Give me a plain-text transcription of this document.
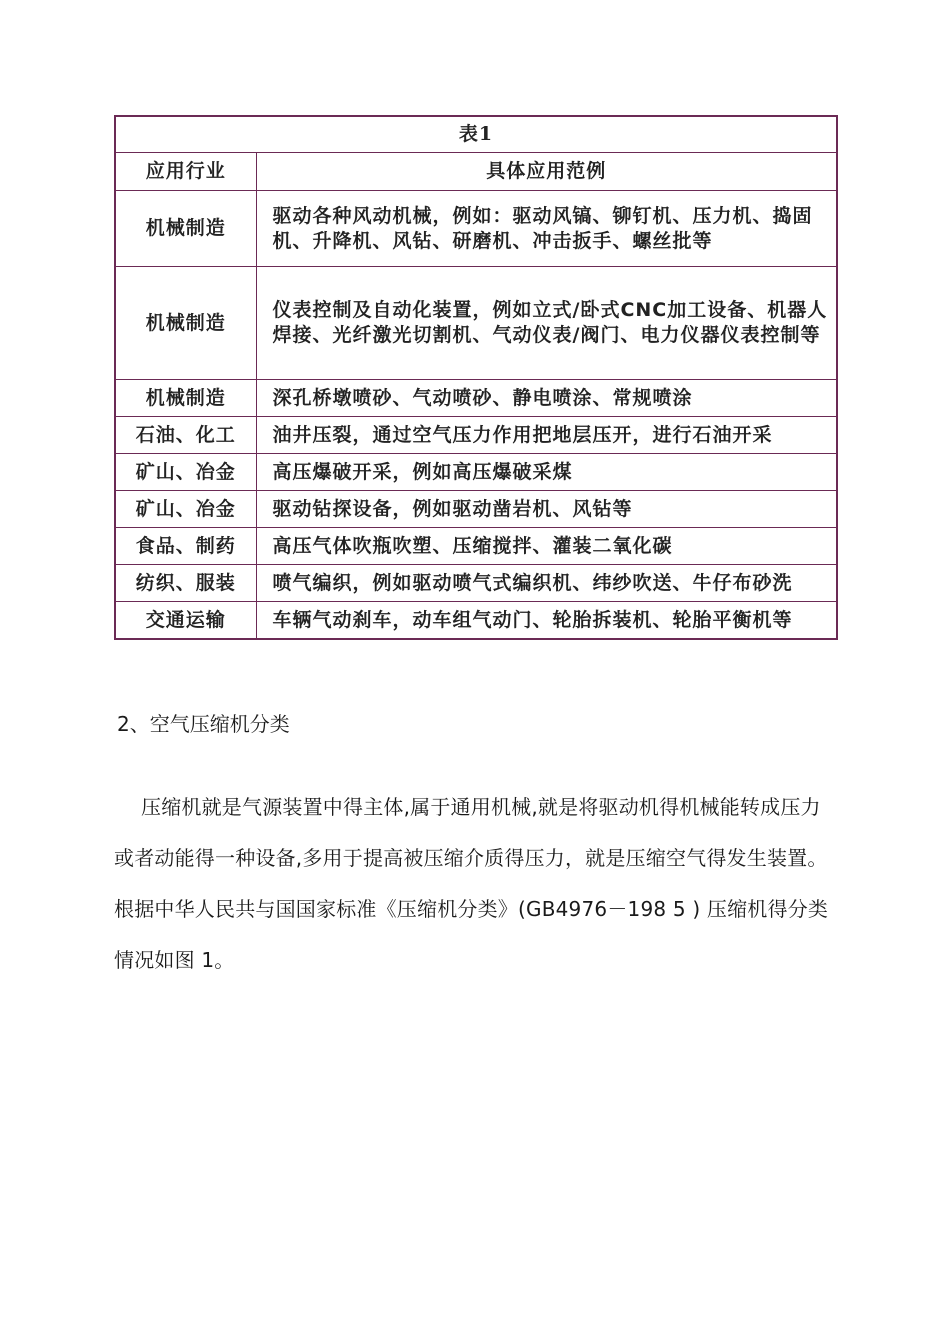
表1	
应用行业	具体应用范例
机械制造	驱动各种风动机械，例如：驱动风镐、铆钉机、压力机、捣固机、升降机、风钻、研磨机、冲击扳手、螺丝批等
机械制造	仪表控制及自动化装置，例如立式/卧式CNC加工设备、机器人焊接、光纤激光切割机、气动仪表/阀门、电力仪器仪表控制等
机械制造	深孔桥墩喷砂、气动喷砂、静电喷涂、常规喷涂
石油、化工	油井压裂，通过空气压力作用把地层压开，进行石油开采
矿山、冶金	高压爆破开采，例如高压爆破采煤
矿山、冶金	驱动钻探设备，例如驱动凿岩机、风钻等
食品、制药	高压气体吹瓶吹塑、压缩搅拌、灌装二氧化碳
纺织、服装	喷气编织，例如驱动喷气式编织机、纬纱吹送、牛仔布砂洗
交通运输	车辆气动刹车，动车组气动门、轮胎拆装机、轮胎平衡机等
2、空气压缩机分类

压缩机就是气源装置中得主体,属于通用机械,就是将驱动机得机械能转成压力或者动能得一种设备,多用于提高被压缩介质得压力，就是压缩空气得发生装置。根据中华人民共与国国家标准《压缩机分类》(GB4976－198 5 ) 压缩机得分类情况如图 1。
